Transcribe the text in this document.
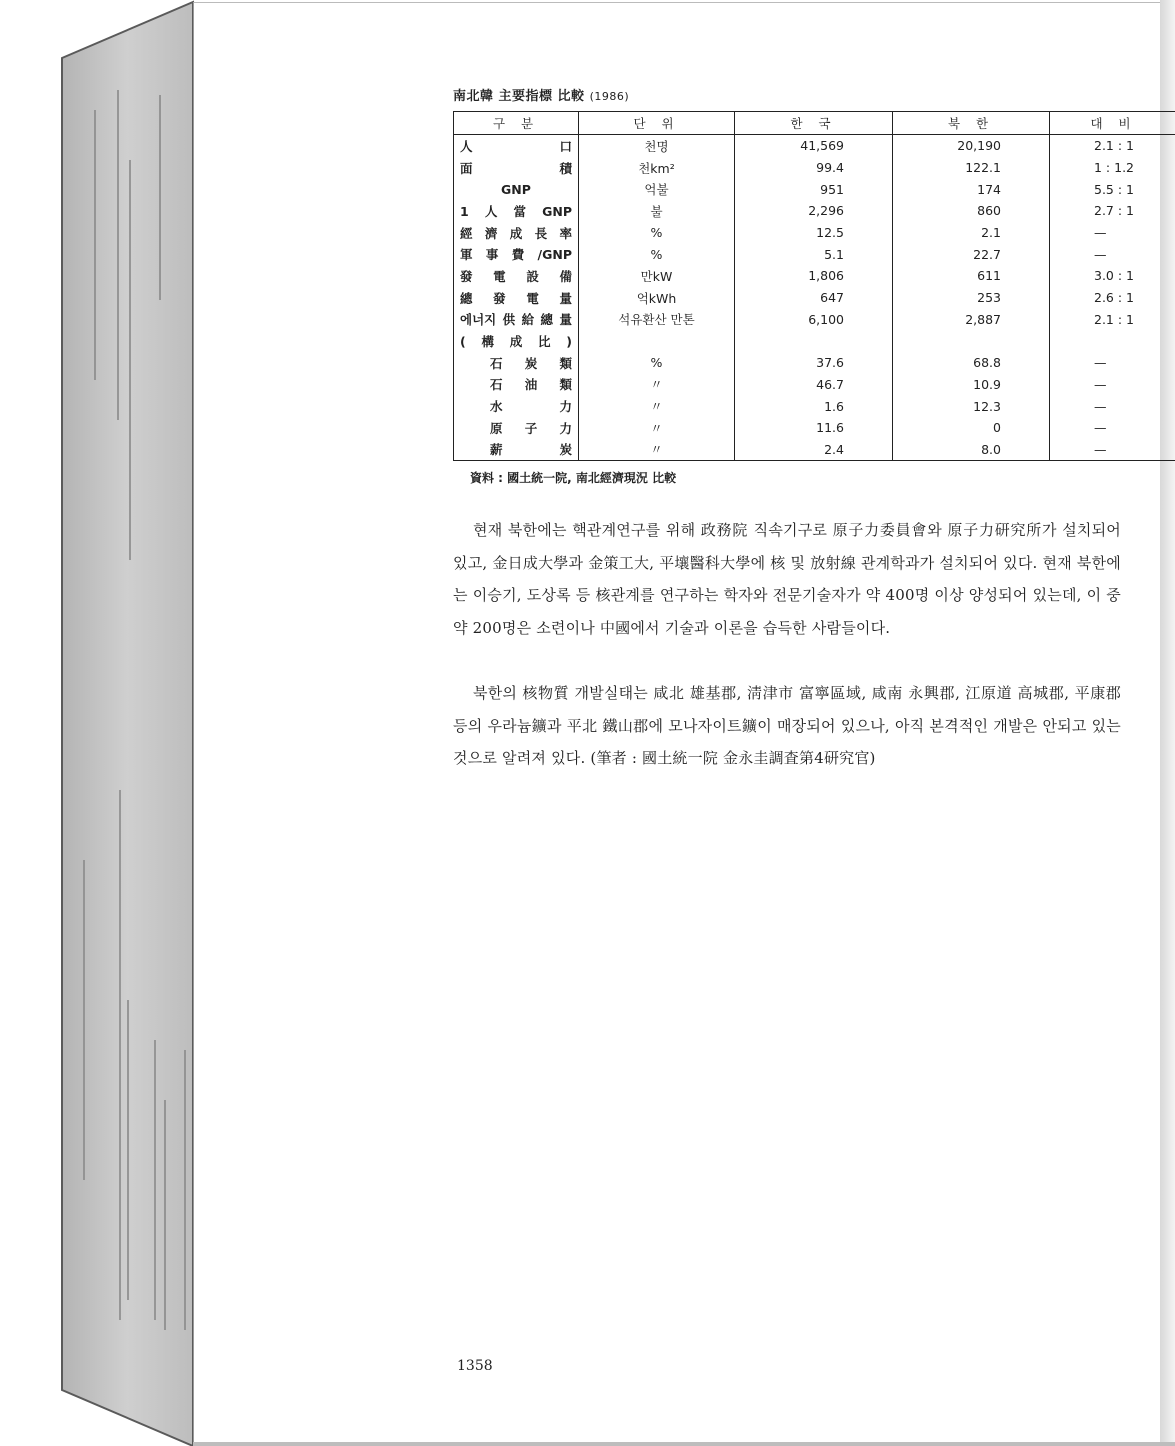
南北韓 主要指標 比較 (1986)
구 분	단 위	한 국	북 한	대 비
人口	천명	41,569	20,190	2.1 : 1
面積	천km²	99.4	122.1	1 : 1.2
GNP	억불	951	174	5.5 : 1
1人當GNP	불	2,296	860	2.7 : 1
經濟成長率	%	12.5	2.1	—
軍事費/GNP	%	5.1	22.7	—
發電設備	만kW	1,806	611	3.0 : 1
總發電量	억kWh	647	253	2.6 : 1
에너지供給總量	석유환산 만톤	6,100	2,887	2.1 : 1
(構成比)				
石炭類	%	37.6	68.8	—
石油類	〃	46.7	10.9	—
水力	〃	1.6	12.3	—
原子力	〃	11.6	0	—
薪炭	〃	2.4	8.0	—
資料 : 國土統一院, 南北經濟現況 比較

현재 북한에는 핵관계연구를 위해 政務院 직속기구로 原子力委員會와 原子力研究所가 설치되어 있고, 金日成大學과 金策工大, 平壤醫科大學에 核 및 放射線 관계학과가 설치되어 있다. 현재 북한에는 이승기, 도상록 등 核관계를 연구하는 학자와 전문기술자가 약 400명 이상 양성되어 있는데, 이 중 약 200명은 소련이나 中國에서 기술과 이론을 습득한 사람들이다.

북한의 核物質 개발실태는 咸北 雄基郡, 淸津市 富寧區域, 咸南 永興郡, 江原道 高城郡, 平康郡 등의 우라늄鑛과 平北 鐵山郡에 모나자이트鑛이 매장되어 있으나, 아직 본격적인 개발은 안되고 있는 것으로 알려져 있다. (筆者 : 國土統一院 金永圭調査第4研究官)

1358
